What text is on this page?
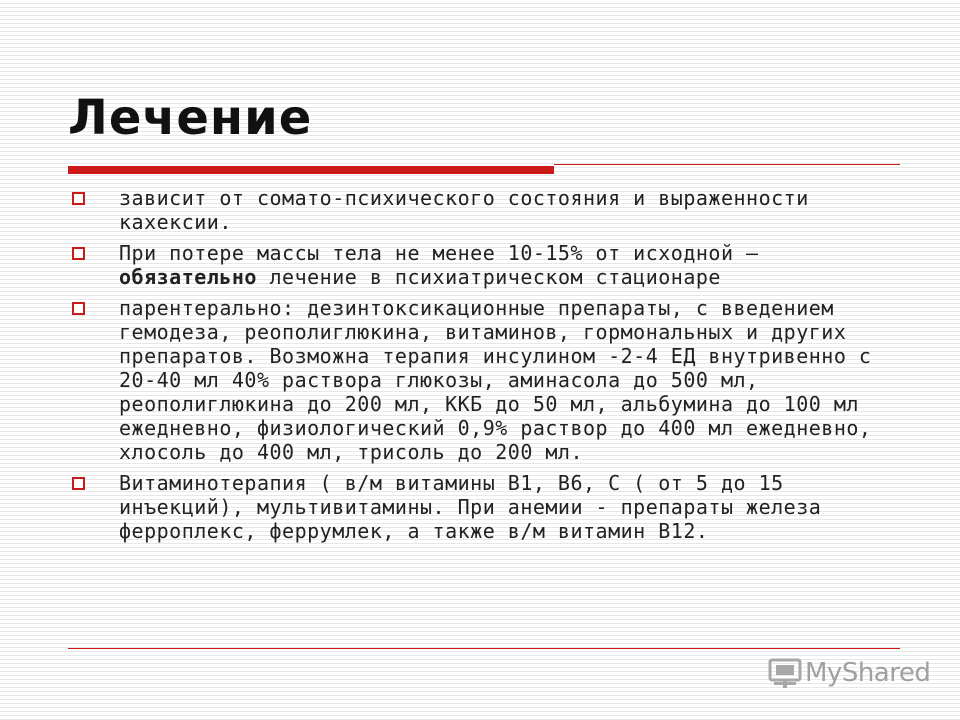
Лечение
зависит от сомато-психического состояния и выраженности кахексии.
При потере массы тела не менее 10-15% от исходной – обязательно лечение в психиатрическом стационаре
парентерально: дезинтоксикационные препараты, с введением гемодеза, реополиглюкина, витаминов, гормональных и других препаратов. Возможна терапия инсулином -2-4 ЕД внутривенно с 20-40 мл 40% раствора глюкозы, аминасола до 500 мл, реополиглюкина до 200 мл, ККБ до 50 мл, альбумина до 100 мл ежедневно, физиологический 0,9% раствор до 400 мл ежедневно, хлосоль до 400 мл, трисоль до 200 мл.
Витаминотерапия ( в/м витамины В1, В6, С ( от 5 до 15 инъекций), мультивитамины. При анемии - препараты железа ферроплекс, феррумлек, а также в/м витамин В12.
MyShared
